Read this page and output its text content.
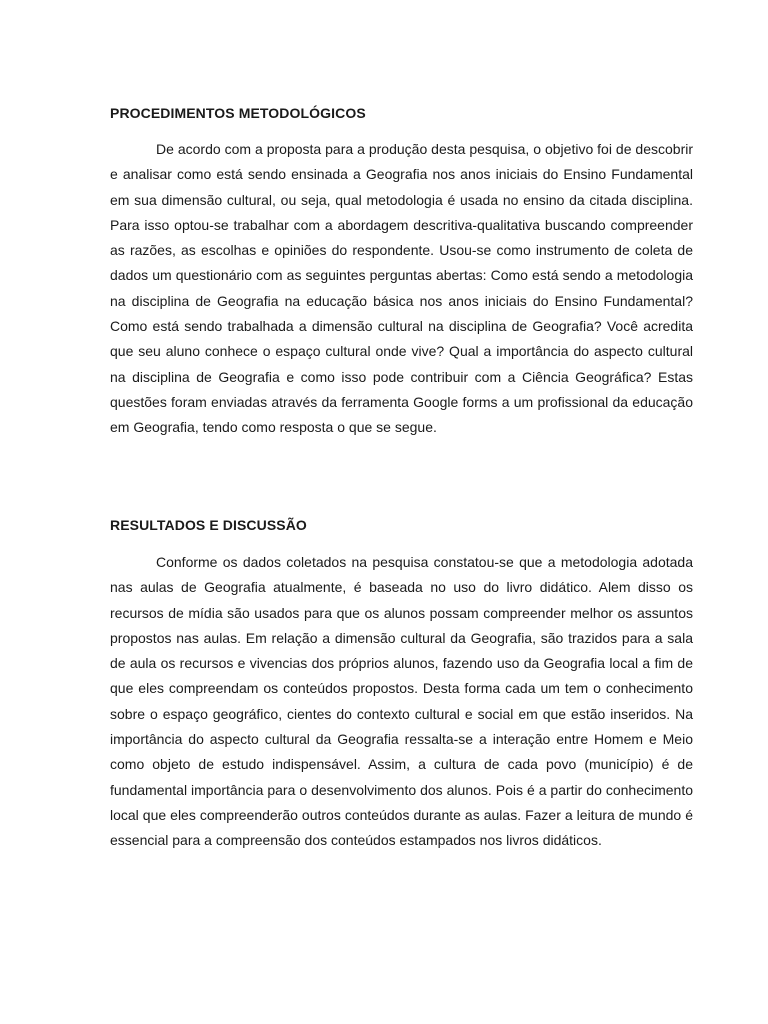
PROCEDIMENTOS METODOLÓGICOS

De acordo com a proposta para a produção desta pesquisa, o objetivo foi de descobrir e analisar como está sendo ensinada a Geografia nos anos iniciais do Ensino Fundamental em sua dimensão cultural, ou seja, qual metodologia é usada no ensino da citada disciplina. Para isso optou-se trabalhar com a abordagem descritiva-qualitativa buscando compreender as razões, as escolhas e opiniões do respondente. Usou-se como instrumento de coleta de dados um questionário com as seguintes perguntas abertas: Como está sendo a metodologia na disciplina de Geografia na educação básica nos anos iniciais do Ensino Fundamental? Como está sendo trabalhada a dimensão cultural na disciplina de Geografia? Você acredita que seu aluno conhece o espaço cultural onde vive? Qual a importância do aspecto cultural na disciplina de Geografia e como isso pode contribuir com a Ciência Geográfica? Estas questões foram enviadas através da ferramenta Google forms a um profissional da educação em Geografia, tendo como resposta o que se segue.

RESULTADOS E DISCUSSÃO

Conforme os dados coletados na pesquisa constatou-se que a metodologia adotada nas aulas de Geografia atualmente, é baseada no uso do livro didático. Alem disso os recursos de mídia são usados para que os alunos possam compreender melhor os assuntos propostos nas aulas. Em relação a dimensão cultural da Geografia, são trazidos para a sala de aula os recursos e vivencias dos próprios alunos, fazendo uso da Geografia local a fim de que eles compreendam os conteúdos propostos. Desta forma cada um tem o conhecimento sobre o espaço geográfico, cientes do contexto cultural e social em que estão inseridos. Na importância do aspecto cultural da Geografia ressalta-se a interação entre Homem e Meio como objeto de estudo indispensável. Assim, a cultura de cada povo (município) é de fundamental importância para o desenvolvimento dos alunos. Pois é a partir do conhecimento local que eles compreenderão outros conteúdos durante as aulas. Fazer a leitura de mundo é essencial para a compreensão dos conteúdos estampados nos livros didáticos.
